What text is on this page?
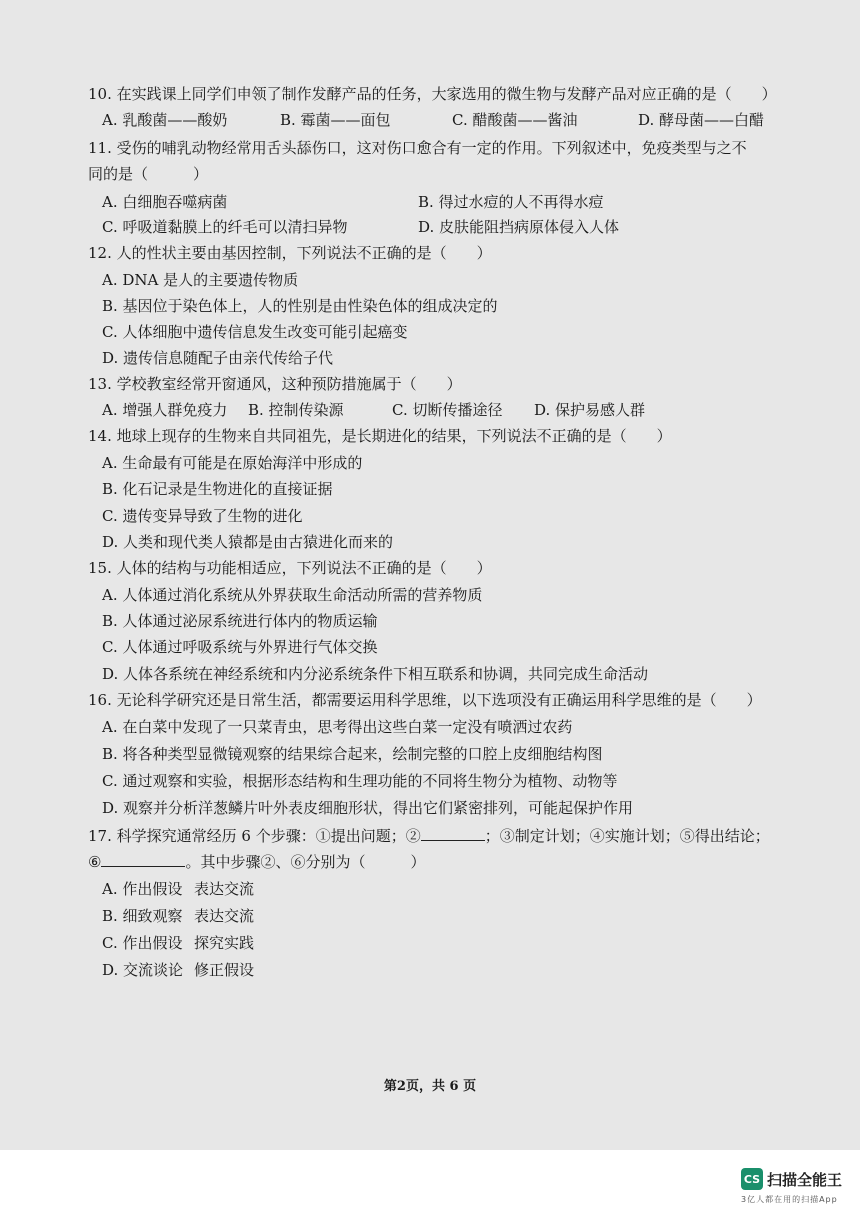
10. 在实践课上同学们申领了制作发酵产品的任务，大家选用的微生物与发酵产品对应正确的是（　　）
A. 乳酸菌——酸奶	B. 霉菌——面包	C. 醋酸菌——酱油	D. 酵母菌——白醋
11. 受伤的哺乳动物经常用舌头舔伤口，这对伤口愈合有一定的作用。下列叙述中，免疫类型与之不
同的是（　　　）
A. 白细胞吞噬病菌	B. 得过水痘的人不再得水痘
C. 呼吸道黏膜上的纤毛可以清扫异物	D. 皮肤能阻挡病原体侵入人体
12. 人的性状主要由基因控制，下列说法不正确的是（　　）
A. DNA 是人的主要遗传物质
B. 基因位于染色体上，人的性别是由性染色体的组成决定的
C. 人体细胞中遗传信息发生改变可能引起癌变
D. 遗传信息随配子由亲代传给子代
13. 学校教室经常开窗通风，这种预防措施属于（　　）
A. 增强人群免疫力	B. 控制传染源	C. 切断传播途径	D. 保护易感人群
14. 地球上现存的生物来自共同祖先，是长期进化的结果，下列说法不正确的是（　　）
A. 生命最有可能是在原始海洋中形成的
B. 化石记录是生物进化的直接证据
C. 遗传变异导致了生物的进化
D. 人类和现代类人猿都是由古猿进化而来的
15. 人体的结构与功能相适应，下列说法不正确的是（　　）
A. 人体通过消化系统从外界获取生命活动所需的营养物质
B. 人体通过泌尿系统进行体内的物质运输
C. 人体通过呼吸系统与外界进行气体交换
D. 人体各系统在神经系统和内分泌系统条件下相互联系和协调，共同完成生命活动
16. 无论科学研究还是日常生活，都需要运用科学思维，以下选项没有正确运用科学思维的是（　　）
A. 在白菜中发现了一只菜青虫，思考得出这些白菜一定没有喷洒过农药
B. 将各种类型显微镜观察的结果综合起来，绘制完整的口腔上皮细胞结构图
C. 通过观察和实验，根据形态结构和生理功能的不同将生物分为植物、动物等
D. 观察并分析洋葱鳞片叶外表皮细胞形状，得出它们紧密排列，可能起保护作用
17. 科学探究通常经历 6 个步骤：①提出问题；②	；③制定计划；④实施计划；⑤得出结论；
⑥	。其中步骤②、⑥分别为（　　　）
A. 作出假设 表达交流
B. 细致观察 表达交流
C. 作出假设 探究实践
D. 交流谈论 修正假设
第2页，共 6 页
CS 扫描全能王
3亿人都在用的扫描App
